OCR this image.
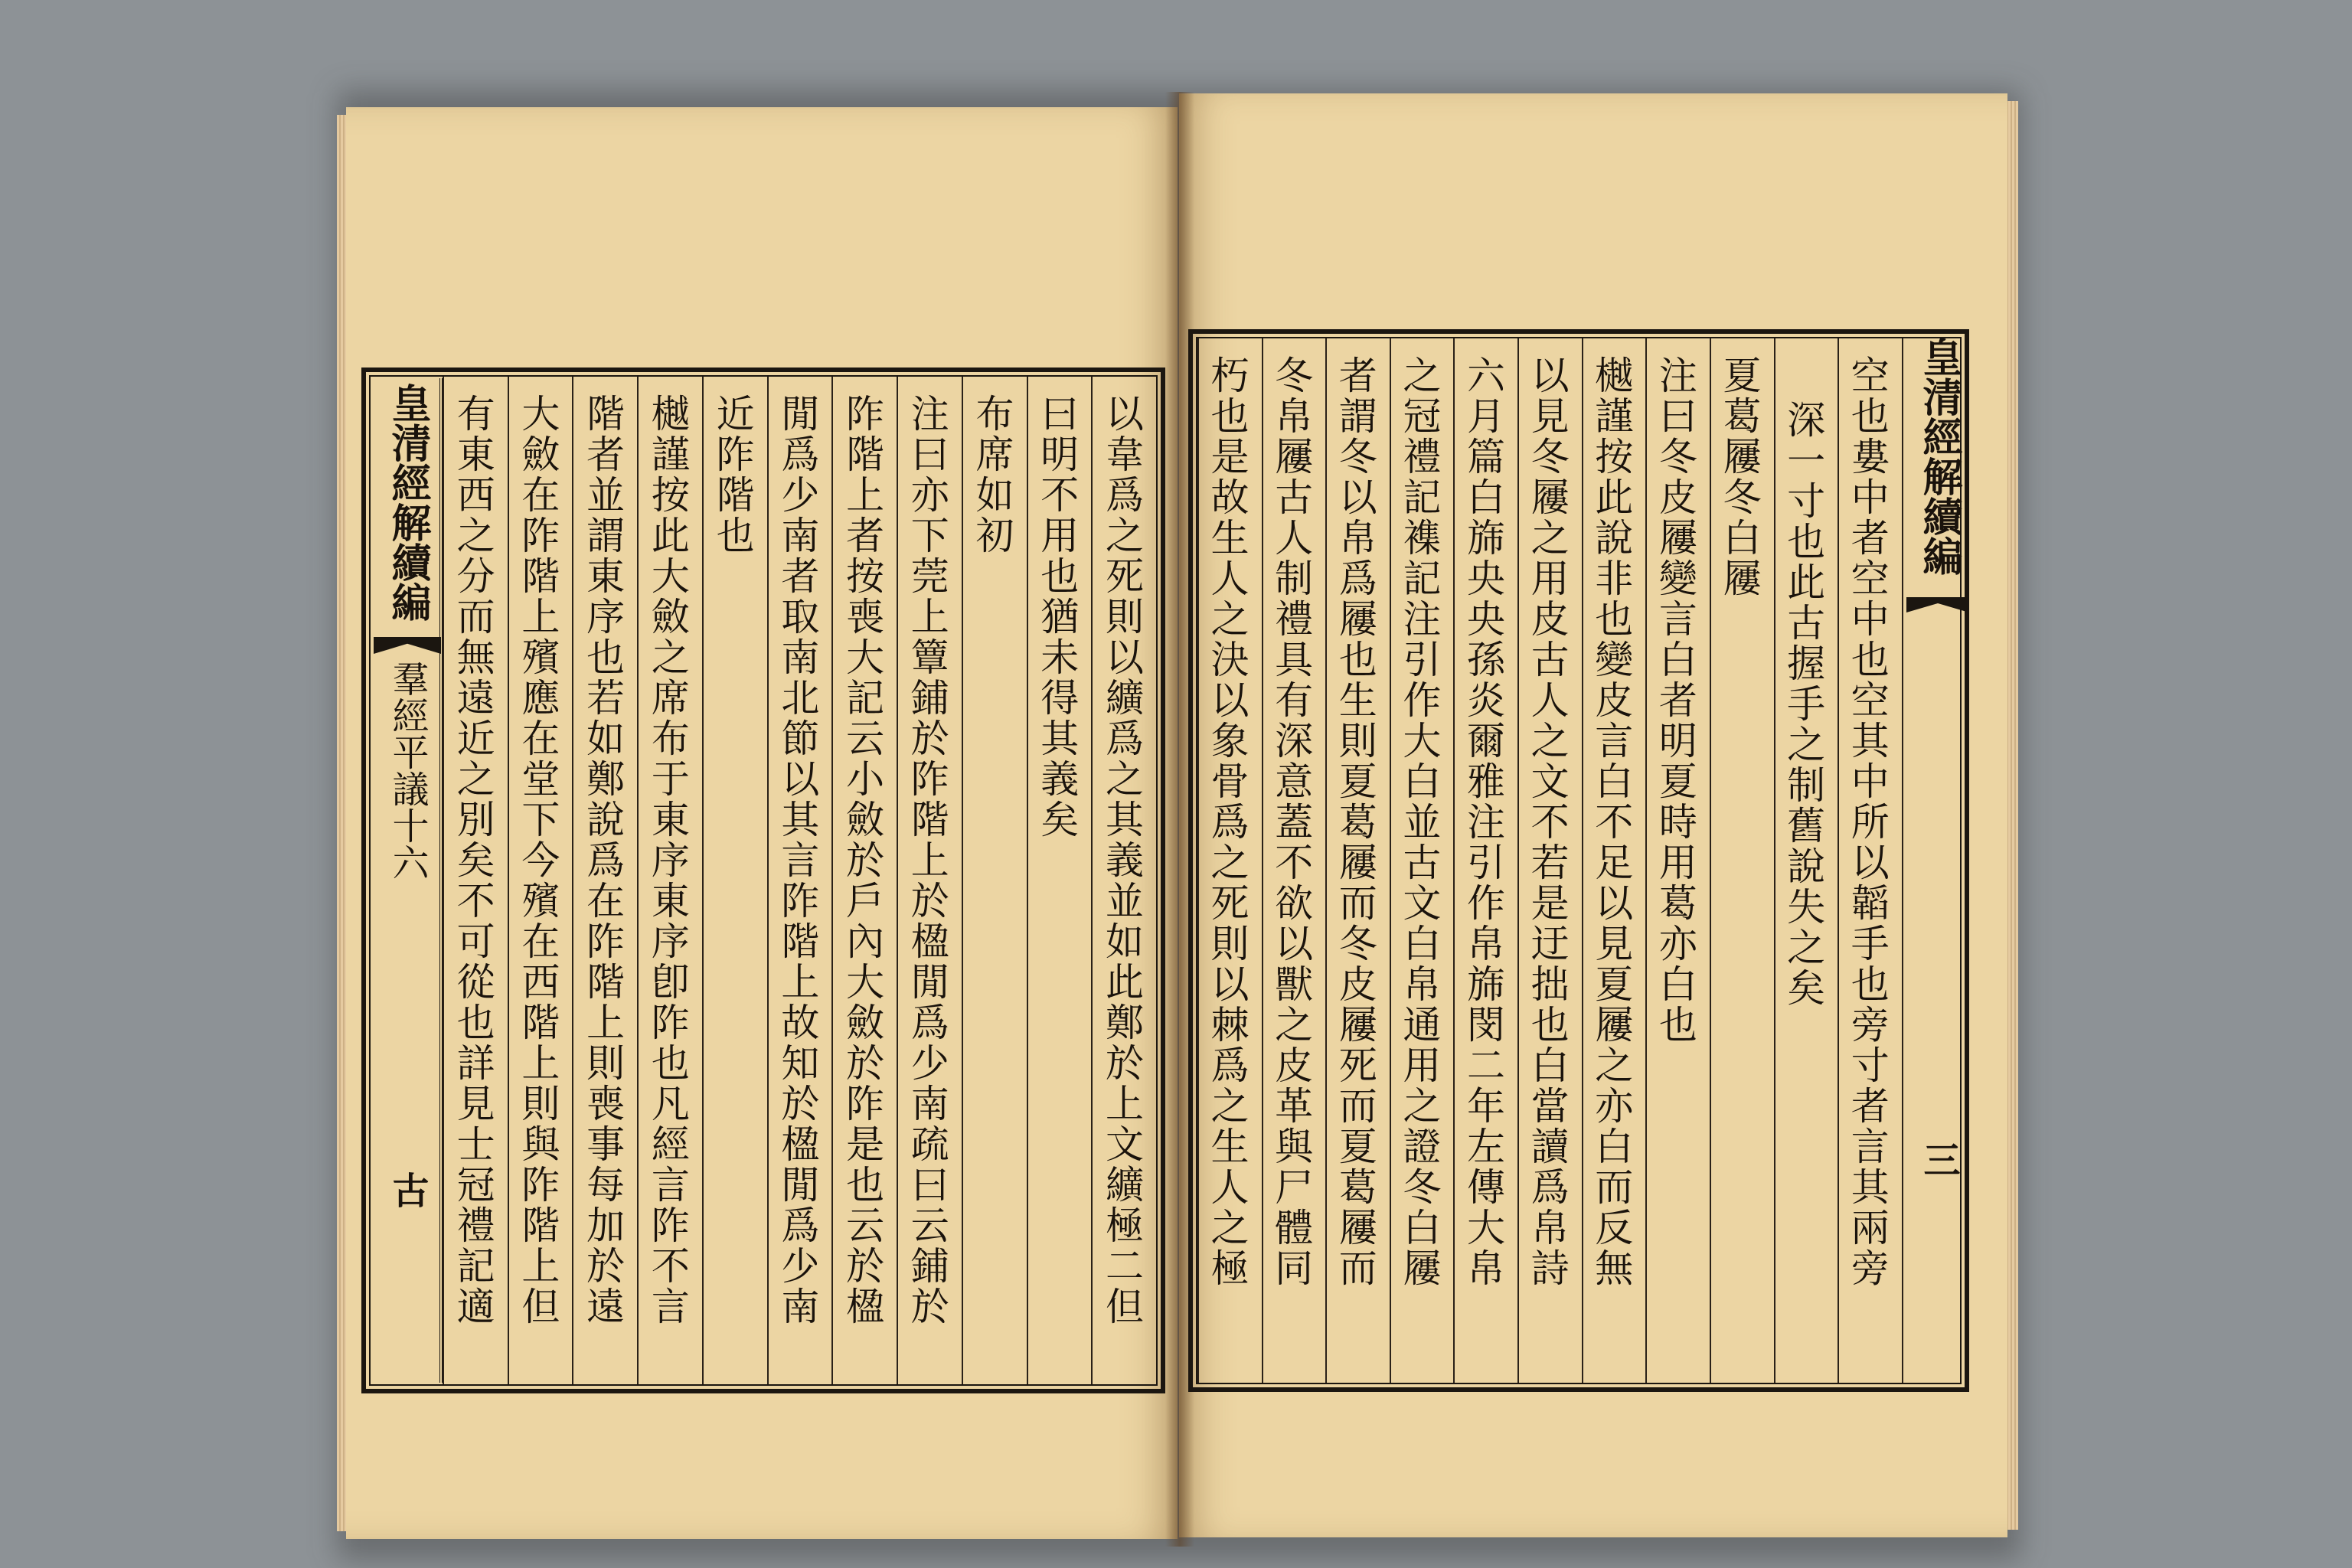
皇清經解續編
羣經平議十六
古	以韋爲之死則以纊爲之其義並如此鄭於上文纊極二但
曰明不用也猶未得其義矣
布席如初
注曰亦下莞上簟鋪於阼階上於楹閒爲少南疏曰云鋪於
阼階上者按喪大記云小斂於戶內大斂於阼是也云於楹
閒爲少南者取南北節以其言阼階上故知於楹閒爲少南
近阼階也
樾謹按此大斂之席布于東序東序卽阼也凡經言阼不言
階者並謂東序也若如鄭說爲在阼階上則喪事每加於遠
大斂在阼階上殯應在堂下今殯在西階上則與阼階上但
有東西之分而無遠近之別矣不可從也詳見士冠禮記適	空也婁中者空中也空其中所以韜手也旁寸者言其兩旁
深一寸也此古握手之制舊說失之矣
夏葛屨冬白屨
注曰冬皮屨變言白者明夏時用葛亦白也
樾謹按此說非也變皮言白不足以見夏屨之亦白而反無
以見冬屨之用皮古人之文不若是迂拙也白當讀爲帛詩
六月篇白旆央央孫炎爾雅注引作帛旆閔二年左傳大帛
之冠禮記襍記注引作大白並古文白帛通用之證冬白屨
者謂冬以帛爲屨也生則夏葛屨而冬皮屨死而夏葛屨而
冬帛屨古人制禮具有深意蓋不欲以獸之皮革與尸體同
朽也是故生人之決以象骨爲之死則以棘爲之生人之極	皇清經解續編
三
